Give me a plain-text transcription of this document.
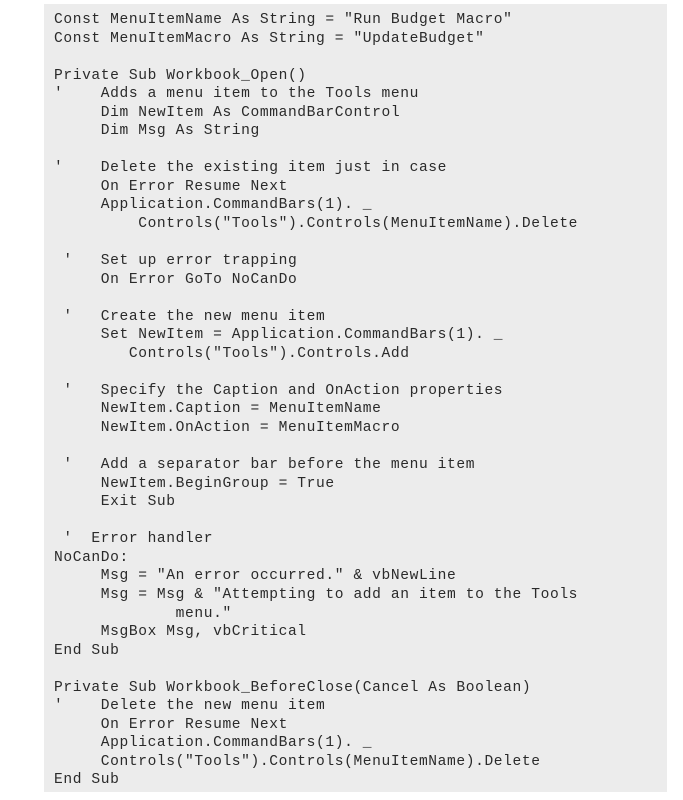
Const MenuItemName As String = "Run Budget Macro"
Const MenuItemMacro As String = "UpdateBudget"
Private Sub Workbook_Open()
'    Adds a menu item to the Tools menu
Dim NewItem As CommandBarControl
Dim Msg As String
'    Delete the existing item just in case
On Error Resume Next
Application.CommandBars(1). _
Controls("Tools").Controls(MenuItemName).Delete
'   Set up error trapping
On Error GoTo NoCanDo
'   Create the new menu item
Set NewItem = Application.CommandBars(1). _
Controls("Tools").Controls.Add
'   Specify the Caption and OnAction properties
NewItem.Caption = MenuItemName
NewItem.OnAction = MenuItemMacro
'   Add a separator bar before the menu item
NewItem.BeginGroup = True
Exit Sub
'  Error handler
NoCanDo:
Msg = "An error occurred." & vbNewLine
Msg = Msg & "Attempting to add an item to the Tools
menu."
MsgBox Msg, vbCritical
End Sub
Private Sub Workbook_BeforeClose(Cancel As Boolean)
'    Delete the new menu item
On Error Resume Next
Application.CommandBars(1). _
Controls("Tools").Controls(MenuItemName).Delete
End Sub
